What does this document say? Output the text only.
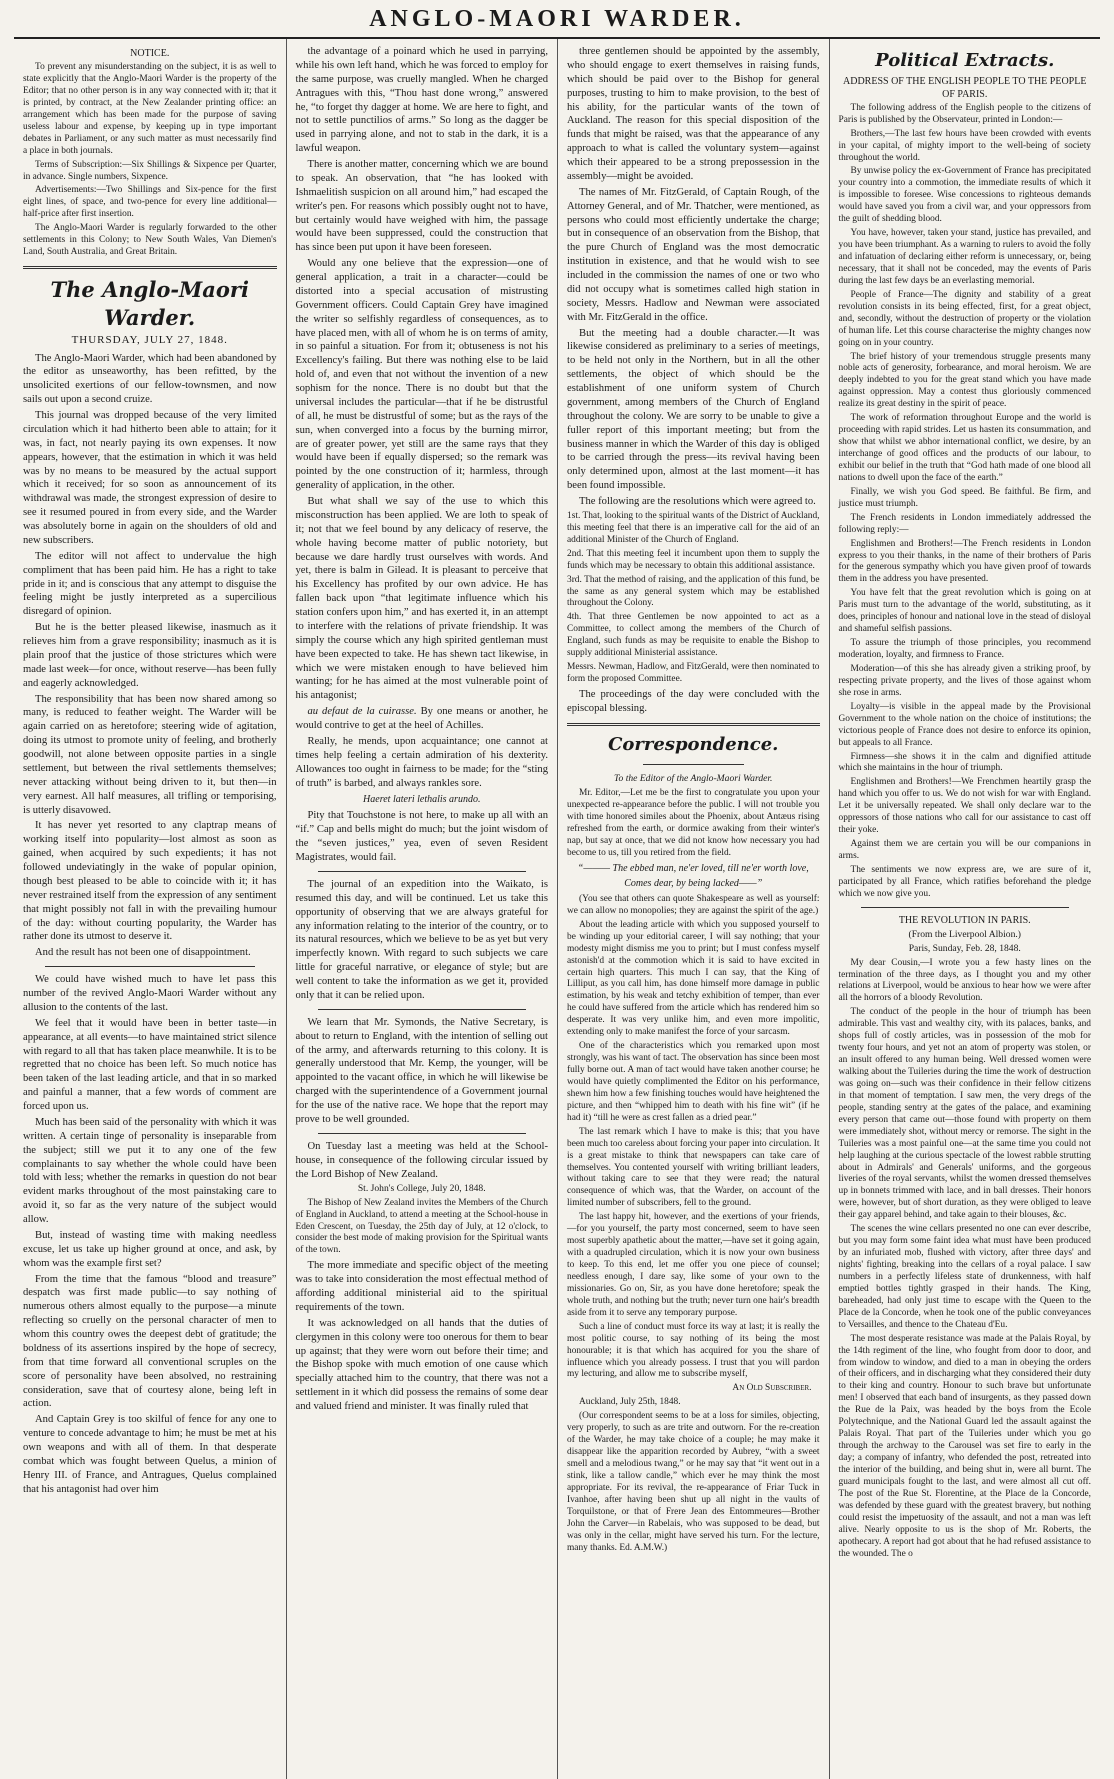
ANGLO-MAORI WARDER.
NOTICE.

To prevent any misunderstanding on the subject, it is as well to state explicitly that the Anglo-Maori Warder is the property of the Editor; that no other person is in any way connected with it; that it is printed, by contract, at the New Zealander printing office: an arrangement which has been made for the purpose of saving useless labour and expense, by keeping up in type important debates in Parliament, or any such matter as must necessarily find a place in both journals.

Terms of Subscription:—Six Shillings & Sixpence per Quarter, in advance. Single numbers, Sixpence.

Advertisements:—Two Shillings and Six-pence for the first eight lines, of space, and two-pence for every line additional—half-price after first insertion.

The Anglo-Maori Warder is regularly forwarded to the other settlements in this Colony; to New South Wales, Van Diemen's Land, South Australia, and Great Britain.

The Anglo-Maori Warder.
THURSDAY, JULY 27, 1848.

The Anglo-Maori Warder, which had been abandoned by the editor as unseaworthy, has been refitted, by the unsolicited exertions of our fellow-townsmen, and now sails out upon a second cruize.

This journal was dropped because of the very limited circulation which it had hitherto been able to attain; for it was, in fact, not nearly paying its own expenses. It now appears, however, that the estimation in which it was held was by no means to be measured by the actual support which it received; for so soon as announcement of its withdrawal was made, the strongest expression of desire to see it resumed poured in from every side, and the Warder was absolutely borne in again on the shoulders of old and new subscribers.

The editor will not affect to undervalue the high compliment that has been paid him. He has a right to take pride in it; and is conscious that any attempt to disguise the feeling might be justly interpreted as a supercilious disregard of opinion.

But he is the better pleased likewise, inasmuch as it relieves him from a grave responsibility; inasmuch as it is plain proof that the justice of those strictures which were made last week—for once, without reserve—has been fully and eagerly acknowledged.

The responsibility that has been now shared among so many, is reduced to feather weight. The Warder will be again carried on as heretofore; steering wide of agitation, doing its utmost to promote unity of feeling, and brotherly goodwill, not alone between opposite parties in a single settlement, but between the rival settlements themselves; never attacking without being driven to it, but then—in very earnest. All half measures, all trifling or temporising, is utterly disavowed.

It has never yet resorted to any claptrap means of working itself into popularity—lost almost as soon as gained, when acquired by such expedients; it has not followed undeviatingly in the wake of popular opinion, though best pleased to be able to coincide with it; it has never restrained itself from the expression of any sentiment that might possibly not fall in with the prevailing humour of the day: without courting popularity, the Warder has rather done its utmost to deserve it.

And the result has not been one of disappointment.

We could have wished much to have let pass this number of the revived Anglo-Maori Warder without any allusion to the contents of the last.

We feel that it would have been in better taste—in appearance, at all events—to have maintained strict silence with regard to all that has taken place meanwhile. It is to be regretted that no choice has been left. So much notice has been taken of the last leading article, and that in so marked and painful a manner, that a few words of comment are forced upon us.

Much has been said of the personality with which it was written. A certain tinge of personality is inseparable from the subject; still we put it to any one of the few complainants to say whether the whole could have been told with less; whether the remarks in question do not bear evident marks throughout of the most painstaking care to avoid it, so far as the very nature of the subject would allow.

But, instead of wasting time with making needless excuse, let us take up higher ground at once, and ask, by whom was the example first set?

From the time that the famous “blood and treasure” despatch was first made public—to say nothing of numerous others almost equally to the purpose—a minute reflecting so cruelly on the personal character of men to whom this country owes the deepest debt of gratitude; the boldness of its assertions inspired by the hope of secrecy, from that time forward all conventional scruples on the score of personality have been absolved, no restraining consideration, save that of courtesy alone, being left in action.

And Captain Grey is too skilful of fence for any one to venture to concede advantage to him; he must be met at his own weapons and with all of them. In that desperate combat which was fought between Quelus, a minion of Henry III. of France, and Antragues, Quelus complained that his antagonist had over him

the advantage of a poinard which he used in parrying, while his own left hand, which he was forced to employ for the same purpose, was cruelly mangled. When he charged Antragues with this, “Thou hast done wrong,” answered he, “to forget thy dagger at home. We are here to fight, and not to settle punctilios of arms.” So long as the dagger be used in parrying alone, and not to stab in the dark, it is a lawful weapon.

There is another matter, concerning which we are bound to speak. An observation, that “he has looked with Ishmaelitish suspicion on all around him,” had escaped the writer's pen. For reasons which possibly ought not to have, but certainly would have weighed with him, the passage would have been suppressed, could the construction that has since been put upon it have been foreseen.

Would any one believe that the expression—one of general application, a trait in a character—could be distorted into a special accusation of mistrusting Government officers. Could Captain Grey have imagined the writer so selfishly regardless of consequences, as to have placed men, with all of whom he is on terms of amity, in so painful a situation. For from it; obtuseness is not his Excellency's failing. But there was nothing else to be laid hold of, and even that not without the invention of a new sophism for the nonce. There is no doubt but that the universal includes the particular—that if he be distrustful of all, he must be distrustful of some; but as the rays of the sun, when converged into a focus by the burning mirror, are of greater power, yet still are the same rays that they would have been if equally dispersed; so the remark was pointed by the one construction of it; harmless, through generality of application, in the other.

But what shall we say of the use to which this misconstruction has been applied. We are loth to speak of it; not that we feel bound by any delicacy of reserve, the whole having become matter of public notoriety, but because we dare hardly trust ourselves with words. And yet, there is balm in Gilead. It is pleasant to perceive that his Excellency has profited by our own advice. He has fallen back upon “that legitimate influence which his station confers upon him,” and has exerted it, in an attempt to interfere with the relations of private friendship. It was simply the course which any high spirited gentleman must have been expected to take. He has shewn tact likewise, in which we were mistaken enough to have believed him wanting; for he has aimed at the most vulnerable point of his antagonist;

au defaut de la cuirasse. By one means or another, he would contrive to get at the heel of Achilles.

Really, he mends, upon acquaintance; one cannot at times help feeling a certain admiration of his dexterity. Allowances too ought in fairness to be made; for the “sting of truth” is barbed, and always rankles sore.

Haeret lateri lethalis arundo.

Pity that Touchstone is not here, to make up all with an “if.” Cap and bells might do much; but the joint wisdom of the “seven justices,” yea, even of seven Resident Magistrates, would fail.

The journal of an expedition into the Waikato, is resumed this day, and will be continued. Let us take this opportunity of observing that we are always grateful for any information relating to the interior of the country, or to its natural resources, which we believe to be as yet but very imperfectly known. With regard to such subjects we care little for graceful narrative, or elegance of style; but are well content to take the information as we get it, provided only that it can be relied upon.

We learn that Mr. Symonds, the Native Secretary, is about to return to England, with the intention of selling out of the army, and afterwards returning to this colony. It is generally understood that Mr. Kemp, the younger, will be appointed to the vacant office, in which he will likewise be charged with the superintendence of a Government journal for the use of the native race. We hope that the report may prove to be well grounded.

On Tuesday last a meeting was held at the School-house, in consequence of the following circular issued by the Lord Bishop of New Zealand.

St. John's College, July 20, 1848.

The Bishop of New Zealand invites the Members of the Church of England in Auckland, to attend a meeting at the School-house in Eden Crescent, on Tuesday, the 25th day of July, at 12 o'clock, to consider the best mode of making provision for the Spiritual wants of the town.

The more immediate and specific object of the meeting was to take into consideration the most effectual method of affording additional ministerial aid to the spiritual requirements of the town.

It was acknowledged on all hands that the duties of clergymen in this colony were too onerous for them to bear up against; that they were worn out before their time; and the Bishop spoke with much emotion of one cause which specially attached him to the country, that there was not a settlement in it which did possess the remains of some dear and valued friend and minister. It was finally ruled that

three gentlemen should be appointed by the assembly, who should engage to exert themselves in raising funds, which should be paid over to the Bishop for general purposes, trusting to him to make provision, to the best of his ability, for the particular wants of the town of Auckland. The reason for this special disposition of the funds that might be raised, was that the appearance of any approach to what is called the voluntary system—against which their appeared to be a strong prepossession in the assembly—might be avoided.

The names of Mr. FitzGerald, of Captain Rough, of the Attorney General, and of Mr. Thatcher, were mentioned, as persons who could most efficiently undertake the charge; but in consequence of an observation from the Bishop, that the pure Church of England was the most democratic institution in existence, and that he would wish to see included in the commission the names of one or two who did not occupy what is sometimes called high station in society, Messrs. Hadlow and Newman were associated with Mr. FitzGerald in the office.

But the meeting had a double character.—It was likewise considered as preliminary to a series of meetings, to be held not only in the Northern, but in all the other settlements, the object of which should be the establishment of one uniform system of Church government, among members of the Church of England throughout the colony. We are sorry to be unable to give a fuller report of this important meeting; but from the business manner in which the Warder of this day is obliged to be carried through the press—its revival having been only determined upon, almost at the last moment—it has been found impossible.

The following are the resolutions which were agreed to.

1st. That, looking to the spiritual wants of the District of Auckland, this meeting feel that there is an imperative call for the aid of an additional Minister of the Church of England.

2nd. That this meeting feel it incumbent upon them to supply the funds which may be necessary to obtain this additional assistance.

3rd. That the method of raising, and the application of this fund, be the same as any general system which may be established throughout the Colony.

4th. That three Gentlemen be now appointed to act as a Committee, to collect among the members of the Church of England, such funds as may be requisite to enable the Bishop to supply additional Ministerial assistance.

Messrs. Newman, Hadlow, and FitzGerald, were then nominated to form the proposed Committee.

The proceedings of the day were concluded with the episcopal blessing.

Correspondence.
To the Editor of the Anglo-Maori Warder.

Mr. Editor,—Let me be the first to congratulate you upon your unexpected re-appearance before the public. I will not trouble you with time honored similes about the Phoenix, about Antæus rising refreshed from the earth, or dormice awaking from their winter's nap, but say at once, that we did not know how necessary you had become to us, till you retired from the field.

“——— The ebbed man, ne'er loved, till ne'er worth love,
Comes dear, by being lacked——”

(You see that others can quote Shakespeare as well as yourself: we can allow no monopolies; they are against the spirit of the age.)

About the leading article with which you supposed yourself to be winding up your editorial career, I will say nothing; that your modesty might dismiss me you to print; but I must confess myself astonish'd at the commotion which it is said to have excited in certain high quarters. This much I can say, that the King of Lilliput, as you call him, has done himself more damage in public estimation, by his weak and tetchy exhibition of temper, than ever he could have suffered from the article which has rendered him so desperate. It was very unlike him, and even more impolitic, extending only to make manifest the force of your sarcasm.

One of the characteristics which you remarked upon most strongly, was his want of tact. The observation has since been most fully borne out. A man of tact would have taken another course; he would have quietly complimented the Editor on his performance, shewn him how a few finishing touches would have heightened the picture, and then “whipped him to death with his fine wit” (if he had it) “till he were as crest fallen as a dried pear.”

The last remark which I have to make is this; that you have been much too careless about forcing your paper into circulation. It is a great mistake to think that newspapers can take care of themselves. You contented yourself with writing brilliant leaders, without taking care to see that they were read; the natural consequence of which was, that the Warder, on account of the limited number of subscribers, fell to the ground.

The last happy hit, however, and the exertions of your friends,—for you yourself, the party most concerned, seem to have seen most superbly apathetic about the matter,—have set it going again, with a quadrupled circulation, which it is now your own business to keep. To this end, let me offer you one piece of counsel; needless enough, I dare say, like some of your own to the missionaries. Go on, Sir, as you have done heretofore; speak the whole truth, and nothing but the truth; never turn one hair's breadth aside from it to serve any temporary purpose.

Such a line of conduct must force its way at last; it is really the most politic course, to say nothing of its being the most honourable; it is that which has acquired for you the share of influence which you already possess. I trust that you will pardon my lecturing, and allow me to subscribe myself,

An Old Subscriber.

Auckland, July 25th, 1848.

(Our correspondent seems to be at a loss for similes, objecting, very properly, to such as are trite and outworn. For the re-creation of the Warder, he may take choice of a couple; he may make it disappear like the apparition recorded by Aubrey, “with a sweet smell and a melodious twang,” or he may say that “it went out in a stink, like a tallow candle,” which ever he may think the most appropriate. For its revival, the re-appearance of Friar Tuck in Ivanhoe, after having been shut up all night in the vaults of Torquilstone, or that of Frere Jean des Entommeures—Brother John the Carver—in Rabelais, who was supposed to be dead, but was only in the cellar, might have served his turn. For the lecture, many thanks. Ed. A.M.W.)

Political Extracts.
ADDRESS OF THE ENGLISH PEOPLE TO THE PEOPLE OF PARIS.

The following address of the English people to the citizens of Paris is published by the Observateur, printed in London:—

Brothers,—The last few hours have been crowded with events in your capital, of mighty import to the well-being of society throughout the world.

By unwise policy the ex-Government of France has precipitated your country into a commotion, the immediate results of which it is impossible to foresee. Wise concessions to righteous demands would have saved you from a civil war, and your oppressors from the guilt of shedding blood.

You have, however, taken your stand, justice has prevailed, and you have been triumphant. As a warning to rulers to avoid the folly and infatuation of declaring either reform is unnecessary, or, being necessary, that it shall not be conceded, may the events of Paris during the last few days be an everlasting memorial.

People of France—The dignity and stability of a great revolution consists in its being effected, first, for a great object, and, secondly, without the destruction of property or the violation of human life. Let this course characterise the mighty changes now going on in your country.

The brief history of your tremendous struggle presents many noble acts of generosity, forbearance, and moral heroism. We are deeply indebted to you for the great stand which you have made against oppression. May a contest thus gloriously commenced realize its great destiny in the spirit of peace.

The work of reformation throughout Europe and the world is proceeding with rapid strides. Let us hasten its consummation, and show that whilst we abhor international conflict, we desire, by an interchange of good offices and the products of our labour, to exhibit our belief in the truth that “God hath made of one blood all nations to dwell upon the face of the earth.”

Finally, we wish you God speed. Be faithful. Be firm, and justice must triumph.

The French residents in London immediately addressed the following reply:—

Englishmen and Brothers!—The French residents in London express to you their thanks, in the name of their brothers of Paris for the generous sympathy which you have given proof of towards them in the address you have presented.

You have felt that the great revolution which is going on at Paris must turn to the advantage of the world, substituting, as it does, principles of honour and national love in the stead of disloyal and shameful selfish passions.

To assure the triumph of those principles, you recommend moderation, loyalty, and firmness to France.

Moderation—of this she has already given a striking proof, by respecting private property, and the lives of those against whom she rose in arms.

Loyalty—is visible in the appeal made by the Provisional Government to the whole nation on the choice of institutions; the victorious people of France does not desire to enforce its opinion, but appeals to all France.

Firmness—she shows it in the calm and dignified attitude which she maintains in the hour of triumph.

Englishmen and Brothers!—We Frenchmen heartily grasp the hand which you offer to us. We do not wish for war with England. Let it be universally repeated. We shall only declare war to the oppressors of those nations who call for our assistance to cast off their yoke.

Against them we are certain you will be our companions in arms.

The sentiments we now express are, we are sure of it, participated by all France, which ratifies beforehand the pledge which we now give you.

THE REVOLUTION IN PARIS.
(From the Liverpool Albion.)
Paris, Sunday, Feb. 28, 1848.

My dear Cousin,—I wrote you a few hasty lines on the termination of the three days, as I thought you and my other relations at Liverpool, would be anxious to hear how we were after all the horrors of a bloody Revolution.

The conduct of the people in the hour of triumph has been admirable. This vast and wealthy city, with its palaces, banks, and shops full of costly articles, was in possession of the mob for twenty four hours, and yet not an atom of property was stolen, or an insult offered to any human being. Well dressed women were walking about the Tuileries during the time the work of destruction was going on—such was their confidence in their fellow citizens in that moment of temptation. I saw men, the very dregs of the people, standing sentry at the gates of the palace, and examining every person that came out—those found with property on them were immediately shot, without mercy or remorse. The sight in the Tuileries was a most painful one—at the same time you could not help laughing at the curious spectacle of the lowest rabble strutting about in Admirals' and Generals' uniforms, and the gorgeous liveries of the royal servants, whilst the women dressed themselves up in bonnets trimmed with lace, and in ball dresses. Their honors were, however, but of short duration, as they were obliged to leave their gay apparel behind, and take again to their blouses, &c.

The scenes the wine cellars presented no one can ever describe, but you may form some faint idea what must have been produced by an infuriated mob, flushed with victory, after three days' and nights' fighting, breaking into the cellars of a royal palace. I saw numbers in a perfectly lifeless state of drunkenness, with half emptied bottles tightly grasped in their hands. The King, bareheaded, had only just time to escape with the Queen to the Place de la Concorde, when he took one of the public conveyances to Versailles, and thence to the Chateau d'Eu.

The most desperate resistance was made at the Palais Royal, by the 14th regiment of the line, who fought from door to door, and from window to window, and died to a man in obeying the orders of their officers, and in discharging what they considered their duty to their king and country. Honour to such brave but unfortunate men! I observed that each band of insurgents, as they passed down the Rue de la Paix, was headed by the boys from the Ecole Polytechnique, and the National Guard led the assault against the Palais Royal. That part of the Tuileries under which you go through the archway to the Carousel was set fire to early in the day; a company of infantry, who defended the post, retreated into the interior of the building, and being shut in, were all burnt. The guard municipals fought to the last, and were almost all cut off. The post of the Rue St. Florentine, at the Place de la Concorde, was defended by these guard with the greatest bravery, but nothing could resist the impetuosity of the assault, and not a man was left alive. Nearly opposite to us is the shop of Mr. Roberts, the apothecary. A report had got about that he had refused assistance to the wounded. The o
